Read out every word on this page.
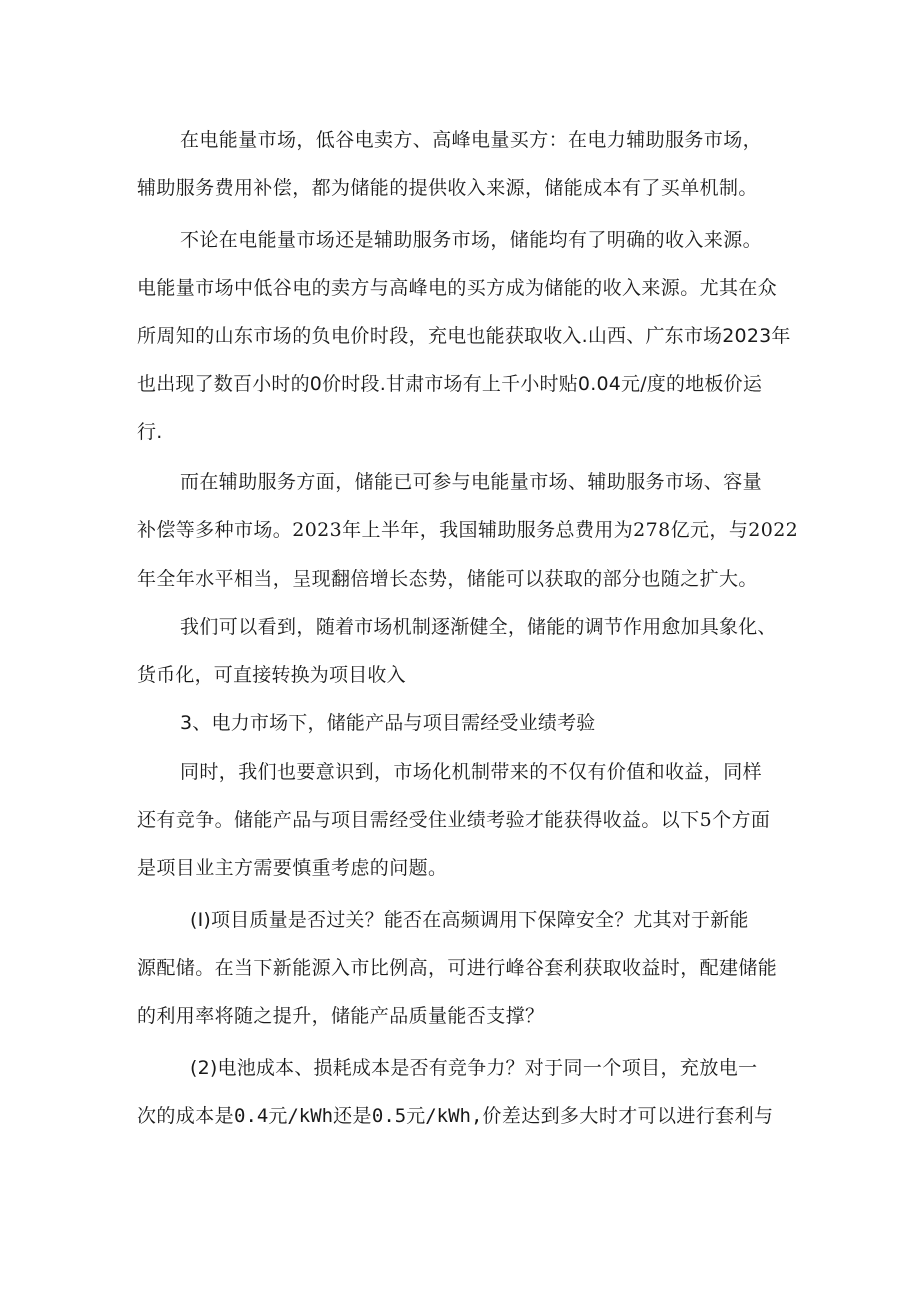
在电能量市场，低谷电卖方、高峰电量买方：在电力辅助服务市场，
辅助服务费用补偿，都为储能的提供收入来源，储能成本有了买单机制。
不论在电能量市场还是辅助服务市场，储能均有了明确的收入来源。
电能量市场中低谷电的卖方与高峰电的买方成为储能的收入来源。尤其在众
所周知的山东市场的负电价时段，充电也能获取收入.山西、广东市场2023年
也出现了数百小时的0价时段.甘肃市场有上千小时贴0.04元/度的地板价运
行.
而在辅助服务方面，储能已可参与电能量市场、辅助服务市场、容量
补偿等多种市场。2023年上半年，我国辅助服务总费用为278亿元，与2022
年全年水平相当，呈现翻倍增长态势，储能可以获取的部分也随之扩大。
我们可以看到，随着市场机制逐渐健全，储能的调节作用愈加具象化、
货币化，可直接转换为项目收入
3、电力市场下，储能产品与项目需经受业绩考验
同时，我们也要意识到，市场化机制带来的不仅有价值和收益，同样
还有竞争。储能产品与项目需经受住业绩考验才能获得收益。以下5个方面
是项目业主方需要慎重考虑的问题。
(I)项目质量是否过关？能否在高频调用下保障安全？尤其对于新能
源配储。在当下新能源入市比例高，可进行峰谷套利获取收益时，配建储能
的利用率将随之提升，储能产品质量能否支撑？
(2)电池成本、损耗成本是否有竞争力？对于同一个项目，充放电一
次的成本是0.4元/kWh还是0.5元/kWh,价差达到多大时才可以进行套利与
